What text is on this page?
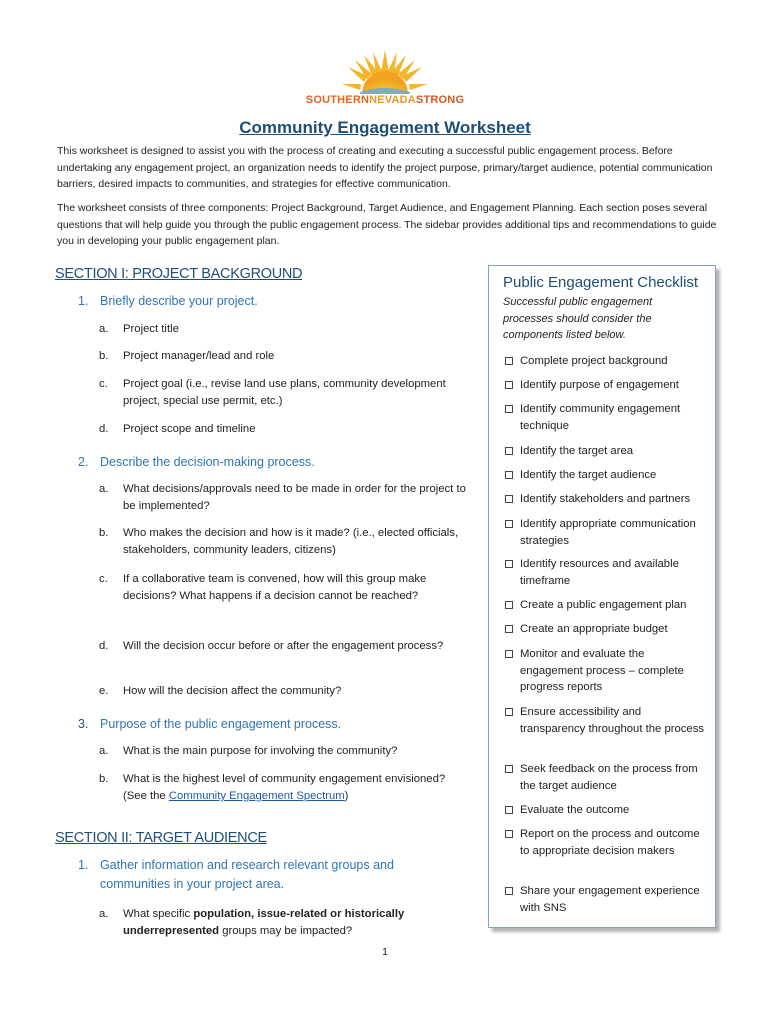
SOUTHERNNEVADASTRONG
Community Engagement Worksheet

This worksheet is designed to assist you with the process of creating and executing a successful public engagement process. Before undertaking any engagement project, an organization needs to identify the project purpose, primary/target audience, potential communication barriers, desired impacts to communities, and strategies for effective communication.

The worksheet consists of three components: Project Background, Target Audience, and Engagement Planning. Each section poses several questions that will help guide you through the public engagement process. The sidebar provides additional tips and recommendations to guide you in developing your public engagement plan.

SECTION I: PROJECT BACKGROUND
1. Briefly describe your project.
a. Project title
b. Project manager/lead and role
c. Project goal (i.e., revise land use plans, community development project, special use permit, etc.)
d. Project scope and timeline
2. Describe the decision-making process.
a. What decisions/approvals need to be made in order for the project to be implemented?
b. Who makes the decision and how is it made? (i.e., elected officials, stakeholders, community leaders, citizens)
c. If a collaborative team is convened, how will this group make decisions? What happens if a decision cannot be reached?
d. Will the decision occur before or after the engagement process?
e. How will the decision affect the community?
3. Purpose of the public engagement process.
a. What is the main purpose for involving the community?
b. What is the highest level of community engagement envisioned? (See the Community Engagement Spectrum)
SECTION II: TARGET AUDIENCE
1. Gather information and research relevant groups and communities in your project area.
a. What specific population, issue-related or historically underrepresented groups may be impacted?
1
Public Engagement Checklist
Successful public engagement processes should consider the components listed below.
Complete project background
Identify purpose of engagement
Identify community engagement technique
Identify the target area
Identify the target audience
Identify stakeholders and partners
Identify appropriate communication strategies
Identify resources and available timeframe
Create a public engagement plan
Create an appropriate budget
Monitor and evaluate the engagement process – complete progress reports
Ensure accessibility and transparency throughout the process
Seek feedback on the process from the target audience
Evaluate the outcome
Report on the process and outcome to appropriate decision makers
Share your engagement experience with SNS
